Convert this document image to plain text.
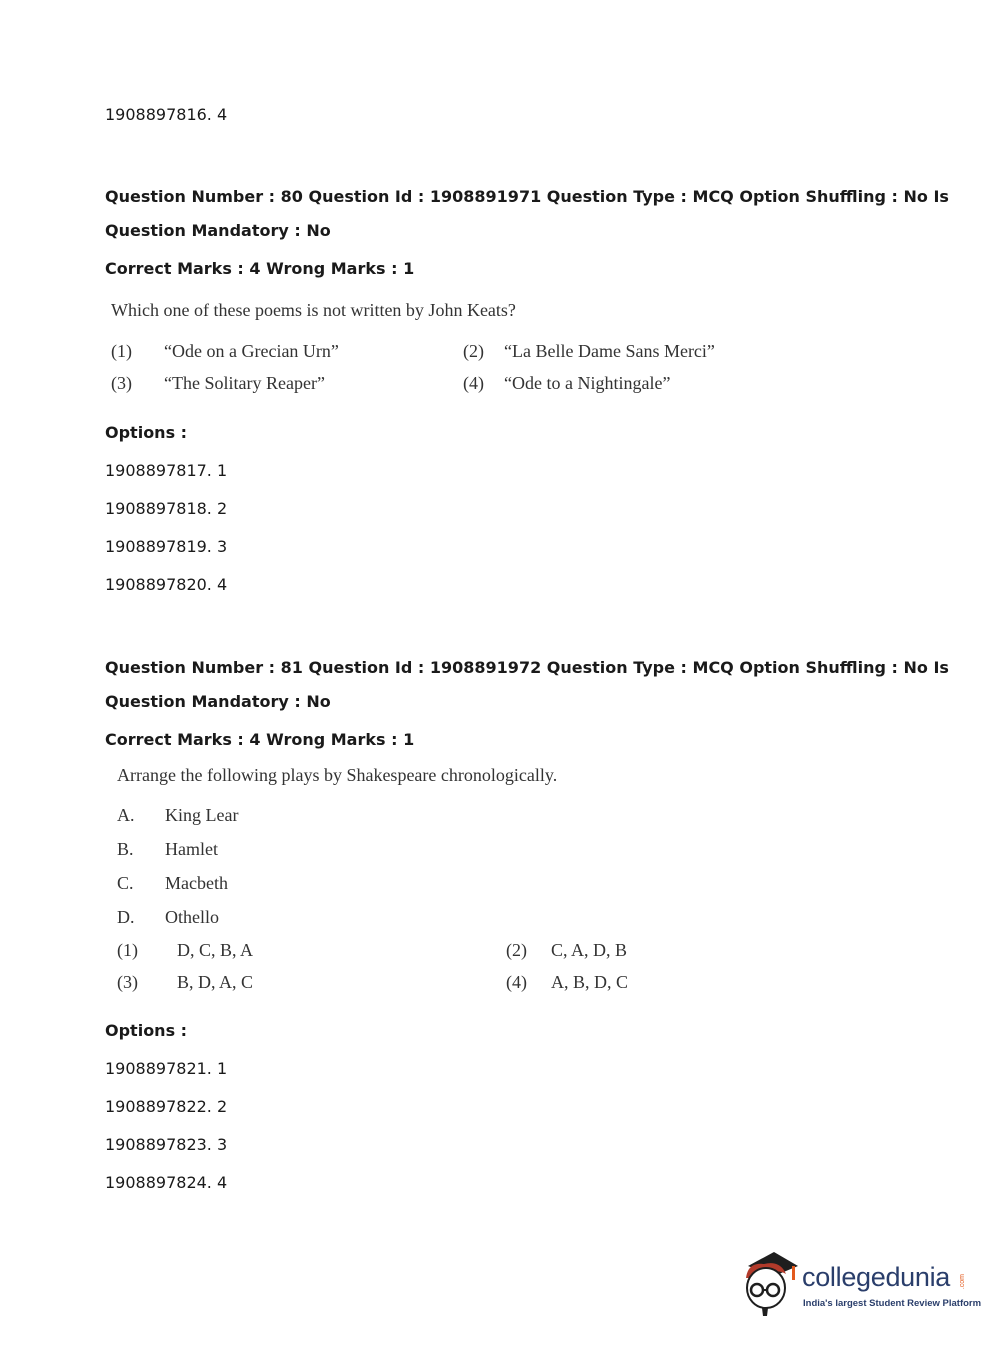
1908897816. 4
Question Number : 80 Question Id : 1908891971 Question Type : MCQ Option Shuffling : No Is
Question Mandatory : No
Correct Marks : 4 Wrong Marks : 1
Which one of these poems is not written by John Keats?
(1) “Ode on a Grecian Urn”	(2) “La Belle Dame Sans Merci”
(3) “The Solitary Reaper”	(4) “Ode to a Nightingale”
Options :
1908897817. 1
1908897818. 2
1908897819. 3
1908897820. 4
Question Number : 81 Question Id : 1908891972 Question Type : MCQ Option Shuffling : No Is
Question Mandatory : No
Correct Marks : 4 Wrong Marks : 1
Arrange the following plays by Shakespeare chronologically.
A. King Lear
B. Hamlet
C. Macbeth
D. Othello
(1) D, C, B, A	(2) C, A, D, B
(3) B, D, A, C	(4) A, B, D, C
Options :
1908897821. 1
1908897822. 2
1908897823. 3
1908897824. 4
collegedunia .com
India's largest Student Review Platform
